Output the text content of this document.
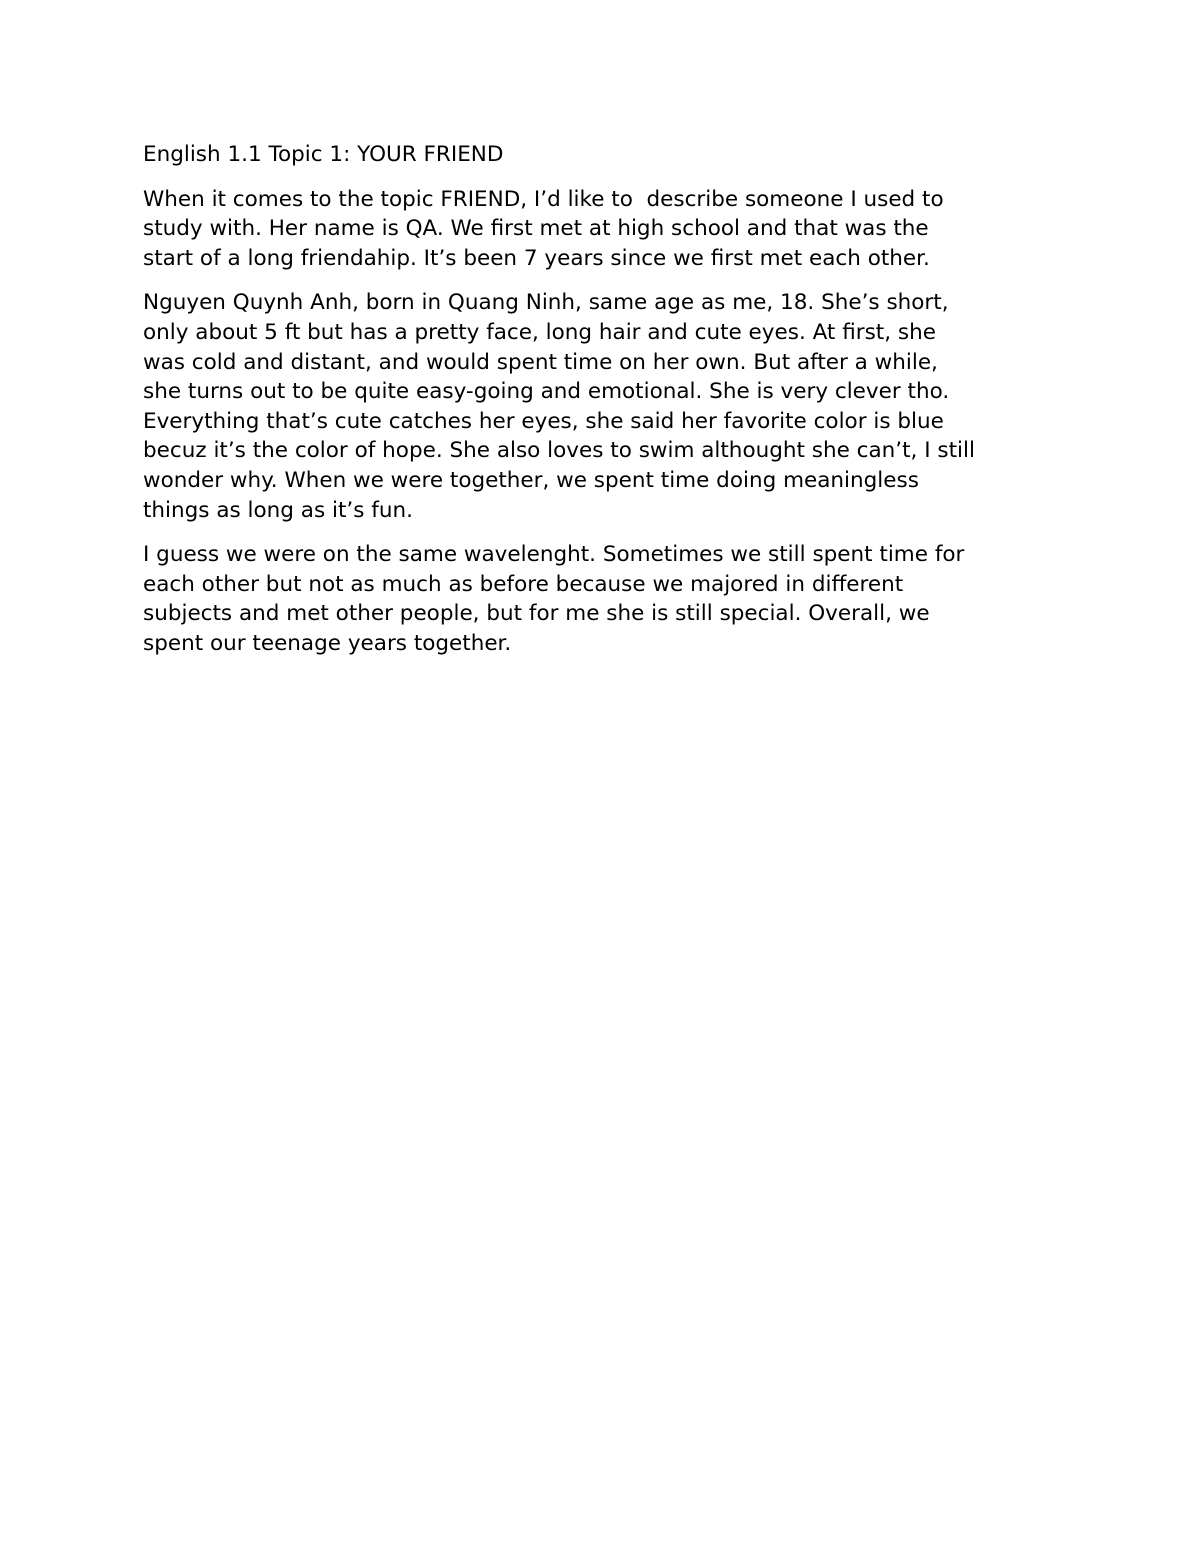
English 1.1 Topic 1: YOUR FRIEND

When it comes to the topic FRIEND, I’d like to  describe someone I used to
study with. Her name is QA. We first met at high school and that was the
start of a long friendahip. It’s been 7 years since we first met each other.

Nguyen Quynh Anh, born in Quang Ninh, same age as me, 18. She’s short,
only about 5 ft but has a pretty face, long hair and cute eyes. At first, she
was cold and distant, and would spent time on her own. But after a while,
she turns out to be quite easy-going and emotional. She is very clever tho.
Everything that’s cute catches her eyes, she said her favorite color is blue
becuz it’s the color of hope. She also loves to swim althought she can’t, I still
wonder why. When we were together, we spent time doing meaningless
things as long as it’s fun.

I guess we were on the same wavelenght. Sometimes we still spent time for
each other but not as much as before because we majored in different
subjects and met other people, but for me she is still special. Overall, we
spent our teenage years together.
